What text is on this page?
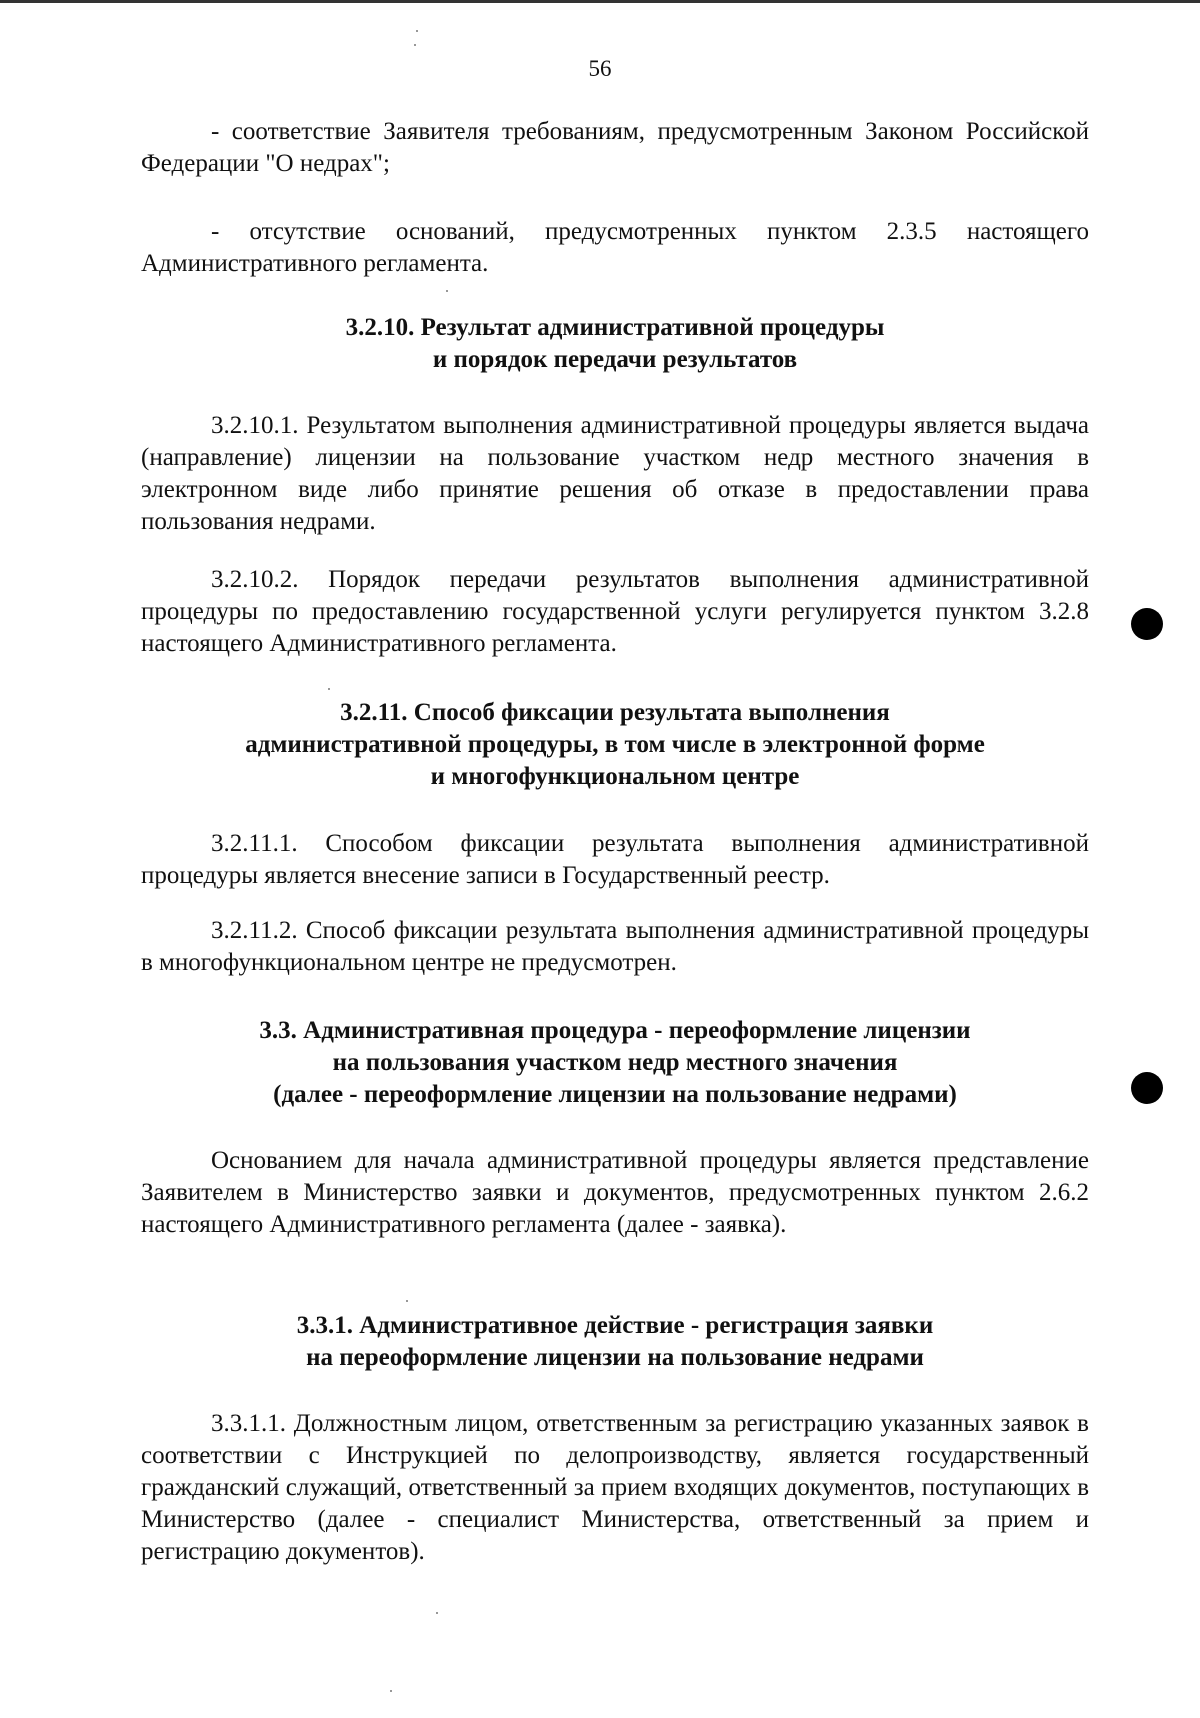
56

- соответствие Заявителя требованиям, предусмотренным Законом Российской Федерации "О недрах";

- отсутствие оснований, предусмотренных пунктом 2.3.5 настоящего Административного регламента.

3.2.10. Результат административной процедуры
и порядок передачи результатов

3.2.10.1. Результатом выполнения административной процедуры является выдача (направление) лицензии на пользование участком недр местного значения в электронном виде либо принятие решения об отказе в предоставлении права пользования недрами.

3.2.10.2. Порядок передачи результатов выполнения административной процедуры по предоставлению государственной услуги регулируется пунктом 3.2.8 настоящего Административного регламента.

3.2.11. Способ фиксации результата выполнения
административной процедуры, в том числе в электронной форме
и многофункциональном центре

3.2.11.1. Способом фиксации результата выполнения административной процедуры является внесение записи в Государственный реестр.

3.2.11.2. Способ фиксации результата выполнения административной процедуры в многофункциональном центре не предусмотрен.

3.3. Административная процедура - переоформление лицензии
на пользования участком недр местного значения
(далее - переоформление лицензии на пользование недрами)

Основанием для начала административной процедуры является представление Заявителем в Министерство заявки и документов, предусмотренных пунктом 2.6.2 настоящего Административного регламента (далее - заявка).

3.3.1. Административное действие - регистрация заявки
на переоформление лицензии на пользование недрами

3.3.1.1. Должностным лицом, ответственным за регистрацию указанных заявок в соответствии с Инструкцией по делопроизводству, является государственный гражданский служащий, ответственный за прием входящих документов, поступающих в Министерство (далее - специалист Министерства, ответственный за прием и регистрацию документов).
